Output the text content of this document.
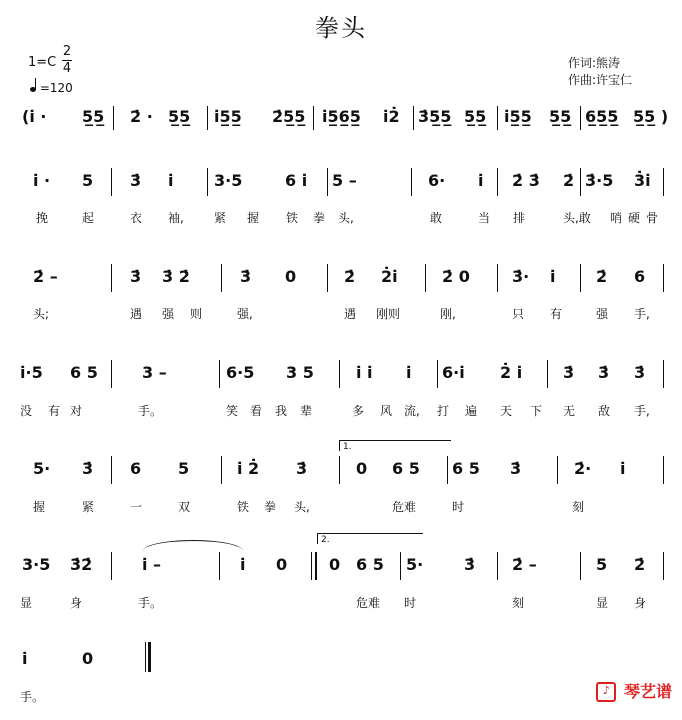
拳头
1=C
2
4
=120
作词:熊涛
作曲:许宝仁
(i̇ · 5̲5̲ 2̇ · 5̲5̲ i̇5̲5̲ 2̇5̲5̲ i̇5̲6̲5̲ i̇2̇ 3̇5̲5̲ 5̲5̲ i̇5̲5̲ 5̲5̲ 6̲5̲5̲ 5̲5̲ )
i̇ · 5 3̇ i̇	3·5	6 i̇ 5 –	6· i̇ 2̇ 3̇ 2̇ 3̇·5 3̇i̇

挽

	起

	衣

袖,

	紧

握

铁

拳

头,

	敢

	当

排

	头,敢

哨

硬

骨

2̇ –	3̇ 3̇ 2̇	3̇ 0	2̇ 2̇i̇	2̇ 0	3̇· i̇	2̇ 6

头;

	遇

强

则

	强,

	遇

刚则

	刚,

	只

有

	强

手,

i̇·5 6 5	3 –	6·5 3 5	i̇ i̇ i̇ 6·i̇ 2̇ i̇	3̇ 3̇ 3̇

没

有

对

	手。

	笑

看

我

辈

	多

风

流,

打

遍

天

下

无

敌

手,

1.
5· 3̇ 6 5	i̇ 2̇ 3̇	0 6 5 6 5 3̇	2̇· i̇

握

	紧

	一

	双

	铁

拳

头,

	危难

	时

	刻

2.
3·5 3̇2̇	i̇ –	i̇ 0	0 6 5 5·	3̇ 2̇ –	5 2̇

显

	身

	手。

	危难

时

	刻

	显

身

i̇	0

手。	♪ 琴艺谱
